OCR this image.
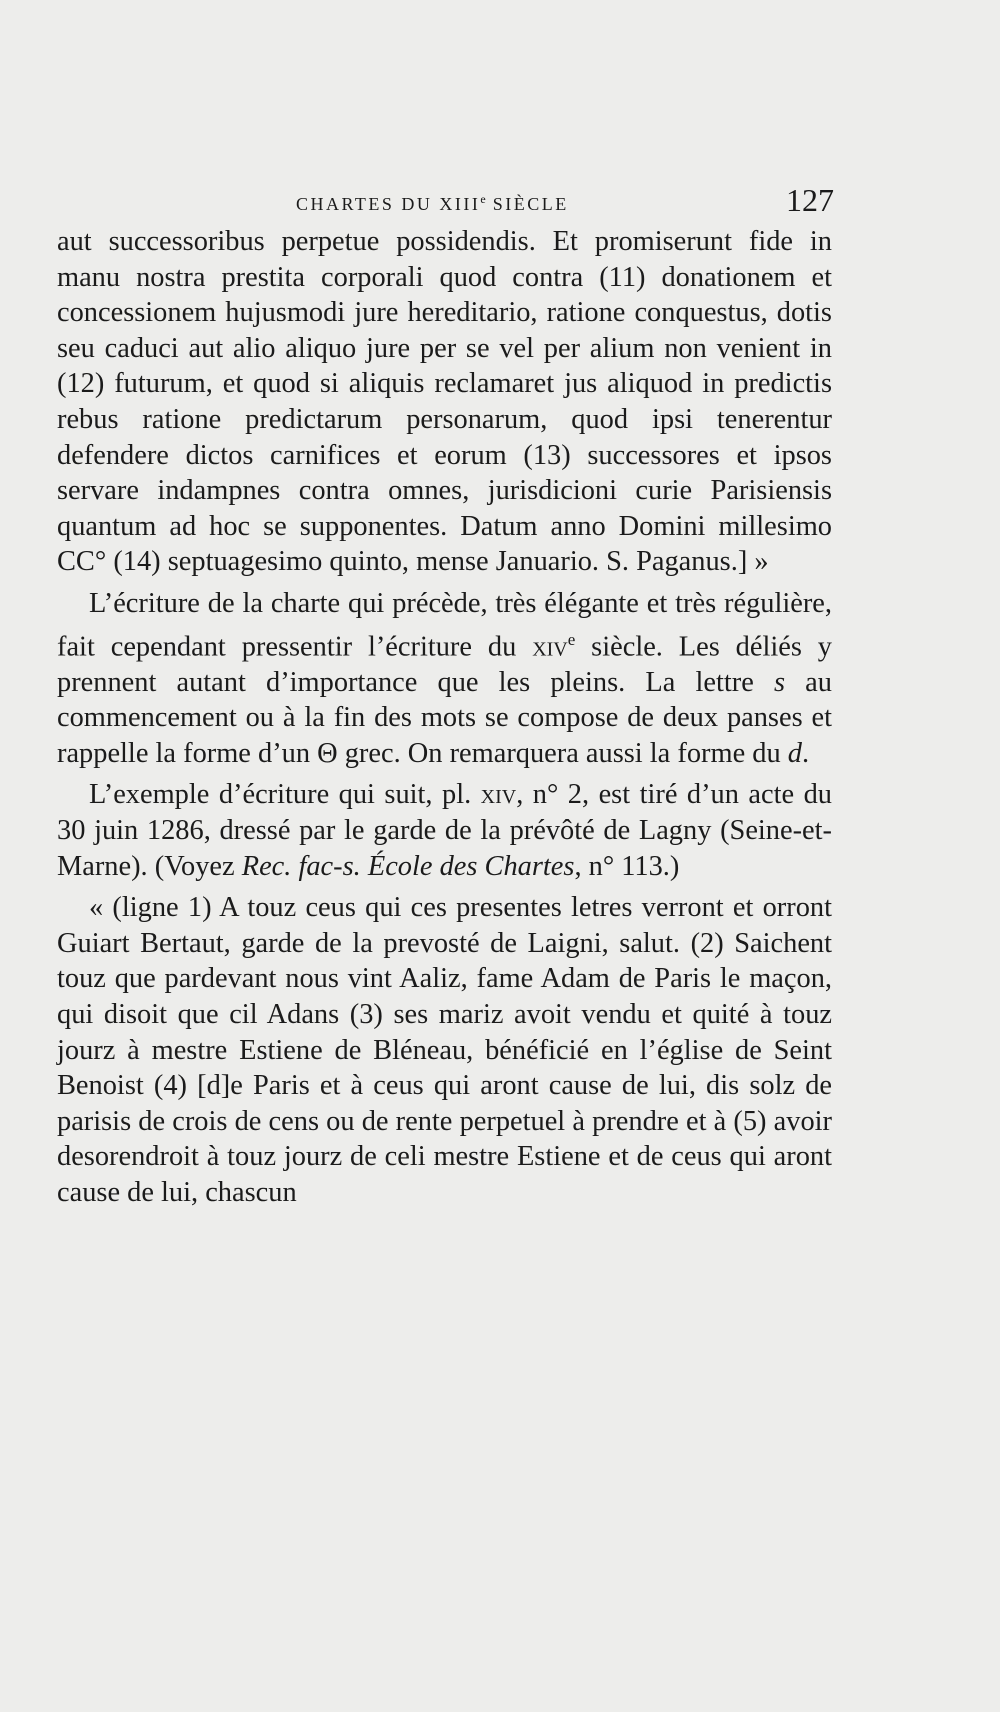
CHARTES DU XIIIe SIÈCLE	127

aut successoribus perpetue possidendis. Et promiserunt fide in manu nostra prestita corporali quod contra (11) donationem et concessionem hujusmodi jure hereditario, ratione conquestus, dotis seu caduci aut alio aliquo jure per se vel per alium non venient in (12) futurum, et quod si aliquis reclamaret jus aliquod in predictis rebus ratione predictarum personarum, quod ipsi tenerentur defendere dictos carnifices et eorum (13) successores et ipsos servare indampnes contra omnes, jurisdicioni curie Parisiensis quantum ad hoc se supponentes. Datum anno Domini millesimo CC° (14) septuagesimo quinto, mense Januario. S. Paganus.] »

L’écriture de la charte qui précède, très élégante et très régulière, fait cependant pressentir l’écriture du xiv$^e$ siècle. Les déliés y prennent autant d’importance que les pleins. La lettre s au commencement ou à la fin des mots se compose de deux panses et rappelle la forme d’un Θ grec. On remarquera aussi la forme du d.

L’exemple d’écriture qui suit, pl. xiv, n° 2, est tiré d’un acte du 30 juin 1286, dressé par le garde de la prévôté de Lagny (Seine-et-Marne). (Voyez Rec. fac-s. École des Chartes, n° 113.)

« (ligne 1) A touz ceus qui ces presentes letres verront et orront Guiart Bertaut, garde de la prevosté de Laigni, salut. (2) Saichent touz que pardevant nous vint Aaliz, fame Adam de Paris le maçon, qui disoit que cil Adans (3) ses mariz avoit vendu et quité à touz jourz à mestre Estiene de Bléneau, bénéficié en l’église de Seint Benoist (4) [d]e Paris et à ceus qui aront cause de lui, dis solz de parisis de crois de cens ou de rente perpetuel à prendre et à (5) avoir desorendroit à touz jourz de celi mestre Estiene et de ceus qui aront cause de lui, chascun
